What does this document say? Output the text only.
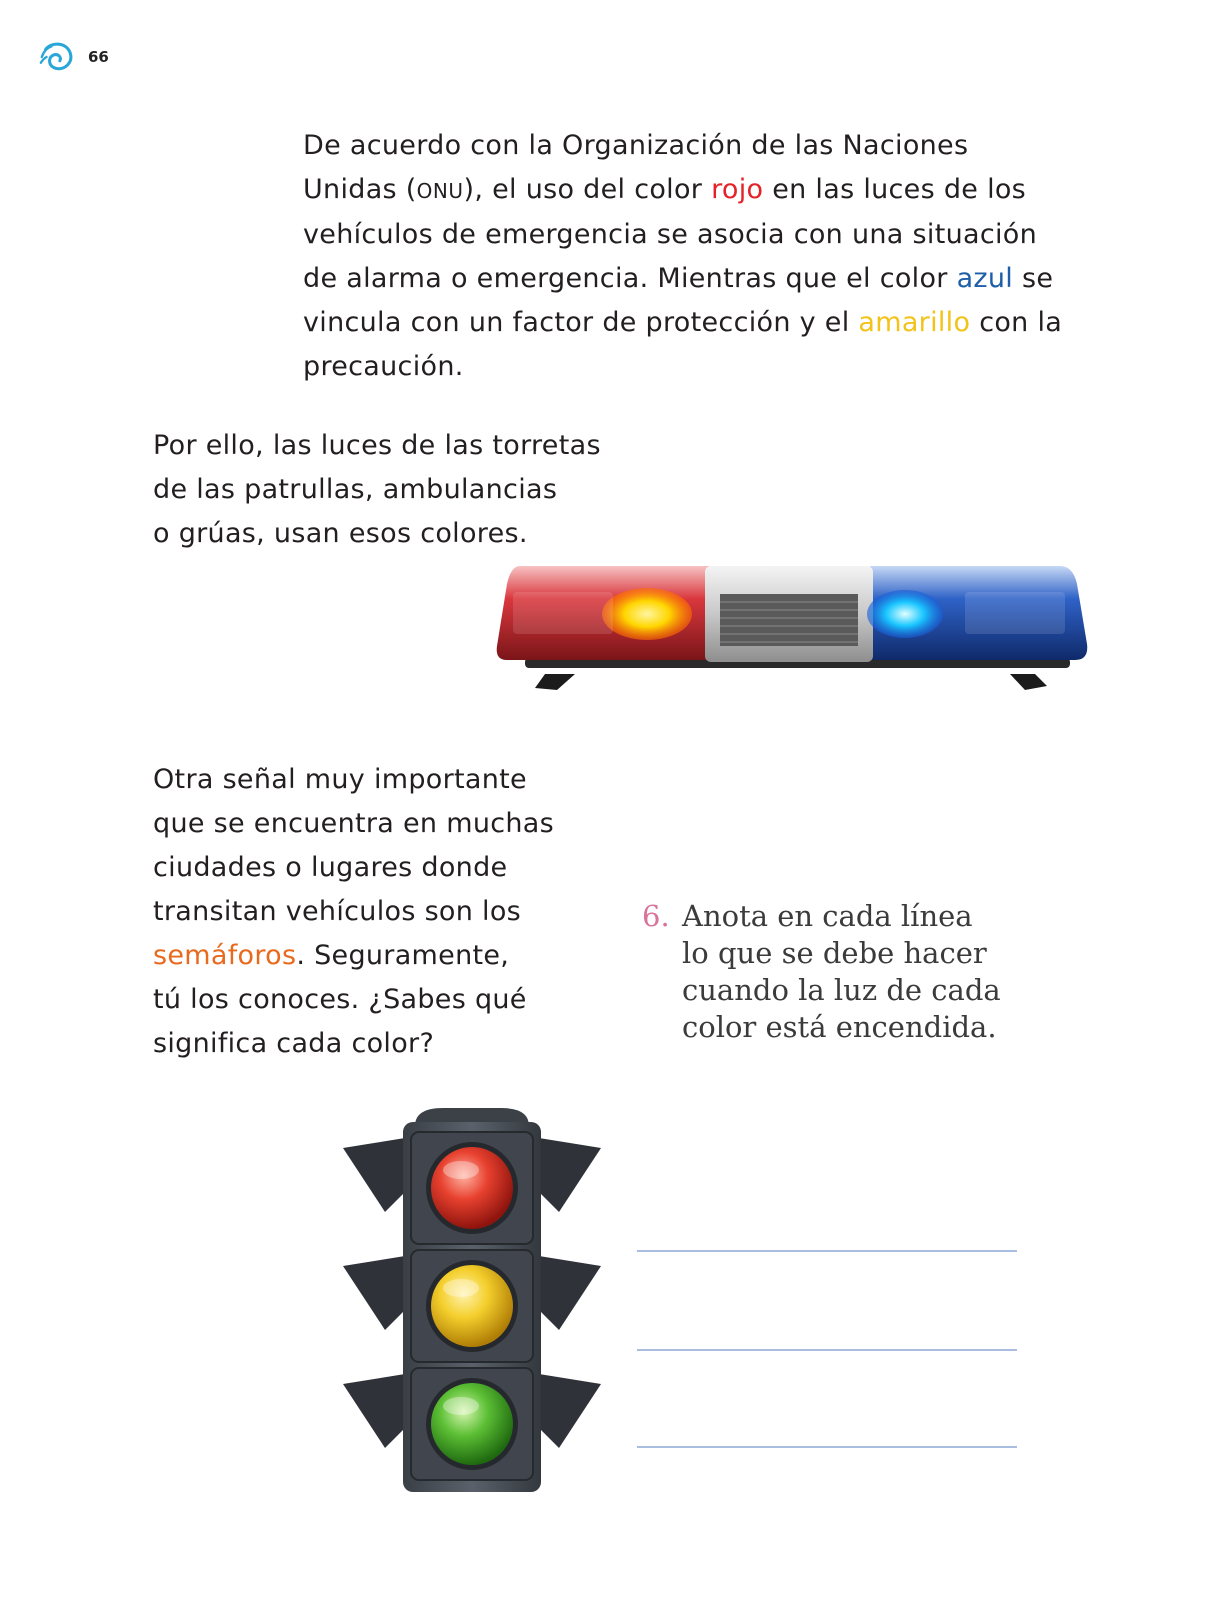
66

De acuerdo con la Organización de las Naciones

Unidas (ONU), el uso del color rojo en las luces de los

vehículos de emergencia se asocia con una situación

de alarma o emergencia. Mientras que el color azul se

vincula con un factor de protección y el amarillo con la

precaución.

Por ello, las luces de las torretas

de las patrullas, ambulancias

o grúas, usan esos colores.

Otra señal muy importante

que se encuentra en muchas

ciudades o lugares donde

transitan vehículos son los

semáforos. Seguramente,

tú los conoces. ¿Sabes qué

significa cada color?

6. Anota en cada línea
lo que se debe hacer
cuando la luz de cada
color está encendida.
